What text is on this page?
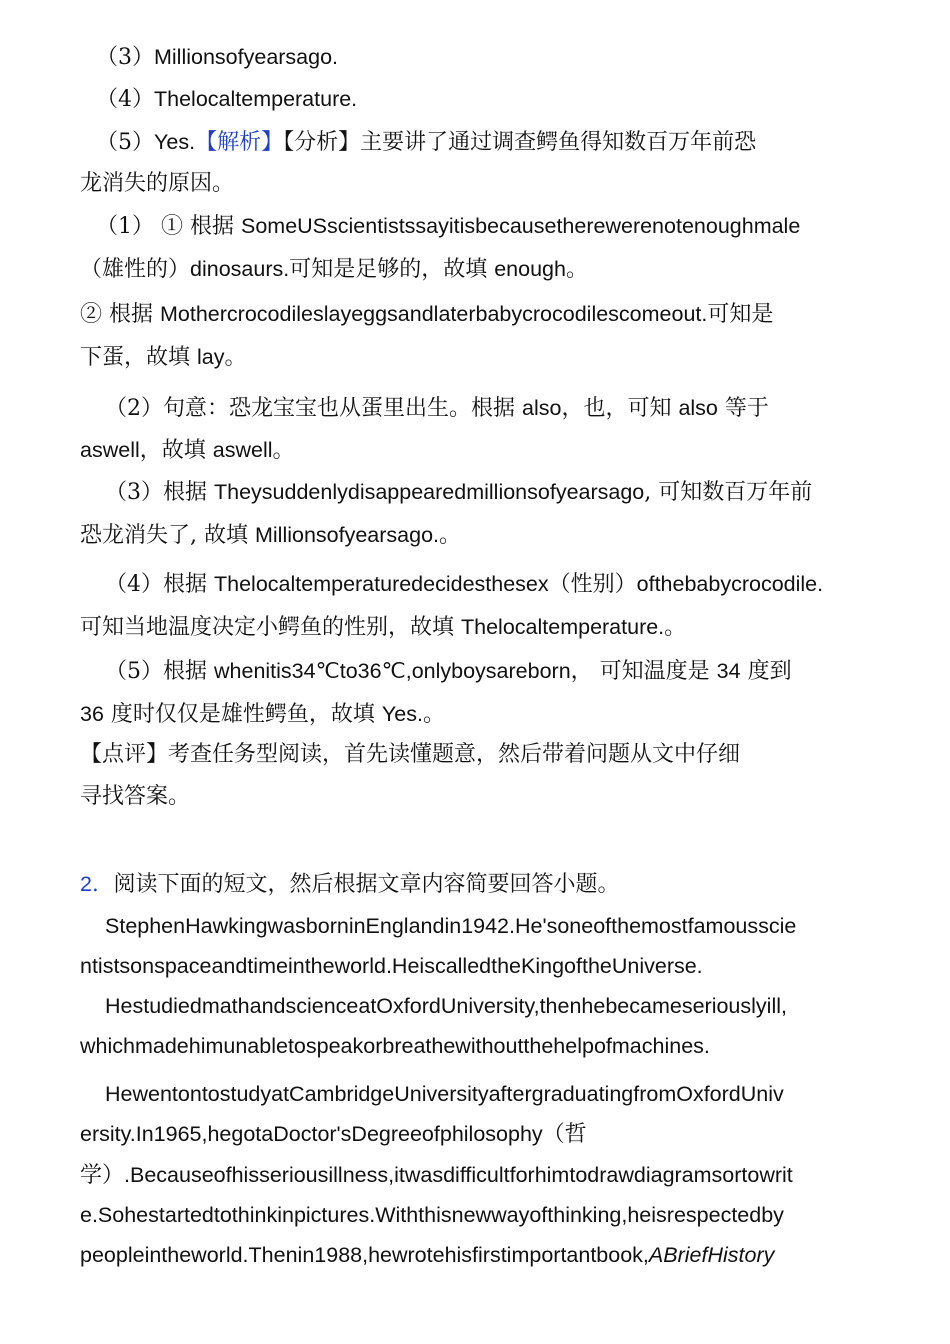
（3）Millionsofyearsago.
（4）Thelocaltemperature.
（5）Yes.【解析】【分析】主要讲了通过调查鳄鱼得知数百万年前恐
龙消失的原因。
（1） ① 根据 SomeUSscientistssayitisbecausetherewerenotenoughmale
（雄性的）dinosaurs.可知是足够的，故填 enough。
② 根据 Mothercrocodileslayeggsandlaterbabycrocodilescomeout.可知是
下蛋，故填 lay。
（2）句意：恐龙宝宝也从蛋里出生。根据 also，也，可知 also 等于
aswell，故填 aswell。
（3）根据 Theysuddenlydisappearedmillionsofyearsago, 可知数百万年前
恐龙消失了, 故填 Millionsofyearsago.。
（4）根据 Thelocaltemperaturedecidesthesex（性别）ofthebabycrocodile.
可知当地温度决定小鳄鱼的性别，故填 Thelocaltemperature.。
（5）根据 whenitis34℃to36℃,onlyboysareborn， 可知温度是 34 度到
36 度时仅仅是雄性鳄鱼，故填 Yes.。
【点评】考查任务型阅读，首先读懂题意，然后带着问题从文中仔细
寻找答案。
2．阅读下面的短文，然后根据文章内容简要回答小题。
StephenHawkingwasborninEnglandin1942.He'soneofthemostfamousscie
ntistsonspaceandtimeintheworld.HeiscalledtheKingoftheUniverse.
HestudiedmathandscienceatOxfordUniversity,thenhebecameseriouslyill,
whichmadehimunabletospeakorbreathewithoutthehelpofmachines.
HewentontostudyatCambridgeUniversityaftergraduatingfromOxfordUniv
ersity.In1965,hegotaDoctor'sDegreeofphilosophy（哲
学）.Becauseofhisseriousillness,itwasdifficultforhimtodrawdiagramsortowrit
e.Sohestartedtothinkinpictures.Withthisnewwayofthinking,heisrespectedby
peopleintheworld.Thenin1988,hewrotehisfirstimportantbook,ABriefHistory
